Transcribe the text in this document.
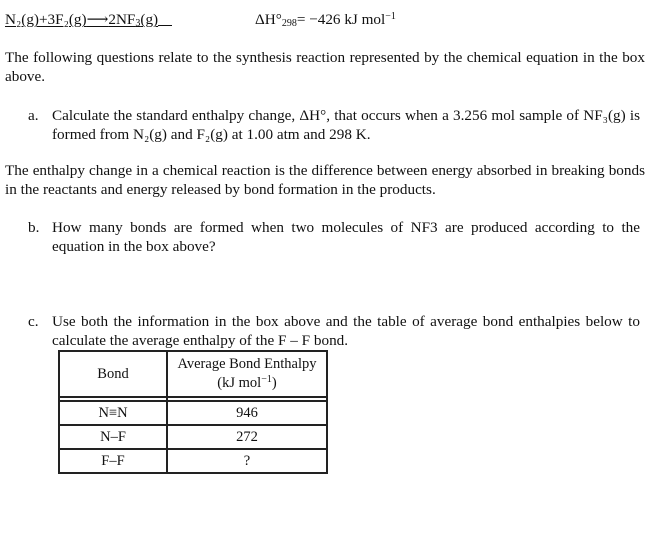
$N_2(g)+3F_2(g)⟶2NF_3(g)$	$\Delta H^\circ_{298}= -426$ kJ mol$^{-1}$
The following questions relate to the synthesis reaction represented by the chemical equation in the box above.
a. Calculate the standard enthalpy change, ΔH°, that occurs when a 3.256 mol sample of NF₃(g) is formed from N₂(g) and F₂(g) at 1.00 atm and 298 K.
The enthalpy change in a chemical reaction is the difference between energy absorbed in breaking bonds in the reactants and energy released by bond formation in the products.
b. How many bonds are formed when two molecules of NF3 are produced according to the equation in the box above?
c. Use both the information in the box above and the table of average bond enthalpies below to calculate the average enthalpy of the F – F bond.
Bond	Average Bond Enthalpy
(kJ mol$^{-1}$)

N≡N	946
N–F	272
F–F	?
